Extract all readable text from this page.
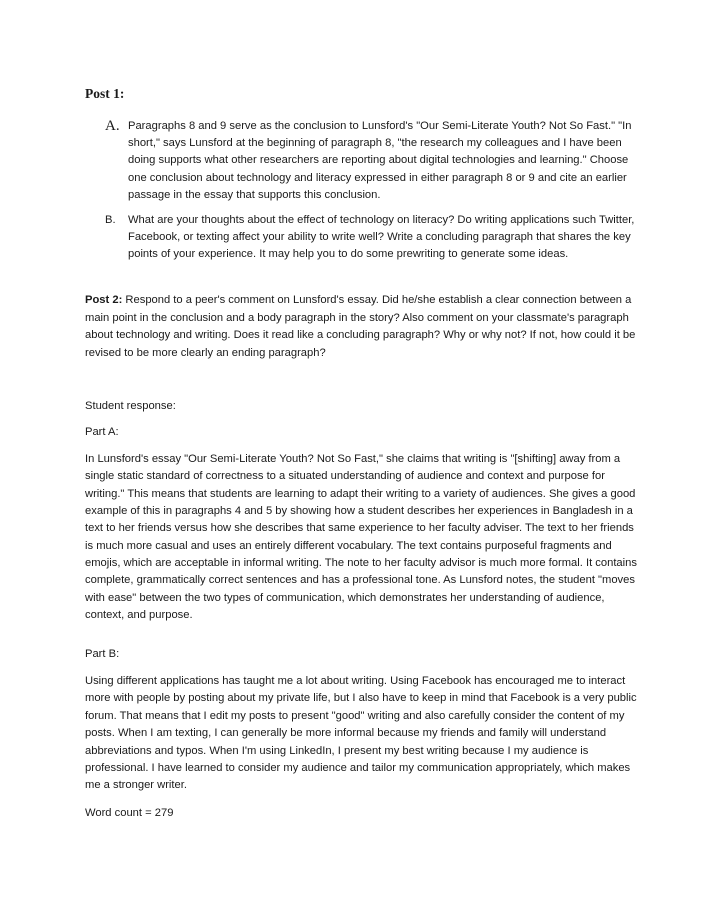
Post 1:
A. Paragraphs 8 and 9 serve as the conclusion to Lunsford's "Our Semi-Literate Youth? Not So Fast." "In short," says Lunsford at the beginning of paragraph 8, "the research my colleagues and I have been doing supports what other researchers are reporting about digital technologies and learning." Choose one conclusion about technology and literacy expressed in either paragraph 8 or 9 and cite an earlier passage in the essay that supports this conclusion.
B. What are your thoughts about the effect of technology on literacy? Do writing applications such Twitter, Facebook, or texting affect your ability to write well? Write a concluding paragraph that shares the key points of your experience. It may help you to do some prewriting to generate some ideas.

Post 2: Respond to a peer's comment on Lunsford's essay. Did he/she establish a clear connection between a main point in the conclusion and a body paragraph in the story? Also comment on your classmate's paragraph about technology and writing. Does it read like a concluding paragraph? Why or why not? If not, how could it be revised to be more clearly an ending paragraph?

Student response:

Part A:

In Lunsford's essay "Our Semi-Literate Youth? Not So Fast," she claims that writing is "[shifting] away from a single static standard of correctness to a situated understanding of audience and context and purpose for writing." This means that students are learning to adapt their writing to a variety of audiences. She gives a good example of this in paragraphs 4 and 5 by showing how a student describes her experiences in Bangladesh in a text to her friends versus how she describes that same experience to her faculty adviser. The text to her friends is much more casual and uses an entirely different vocabulary. The text contains purposeful fragments and emojis, which are acceptable in informal writing. The note to her faculty advisor is much more formal. It contains complete, grammatically correct sentences and has a professional tone. As Lunsford notes, the student "moves with ease" between the two types of communication, which demonstrates her understanding of audience, context, and purpose.

Part B:

Using different applications has taught me a lot about writing. Using Facebook has encouraged me to interact more with people by posting about my private life, but I also have to keep in mind that Facebook is a very public forum. That means that I edit my posts to present "good" writing and also carefully consider the content of my posts. When I am texting, I can generally be more informal because my friends and family will understand abbreviations and typos. When I'm using LinkedIn, I present my best writing because I my audience is professional. I have learned to consider my audience and tailor my communication appropriately, which makes me a stronger writer.

Word count = 279
